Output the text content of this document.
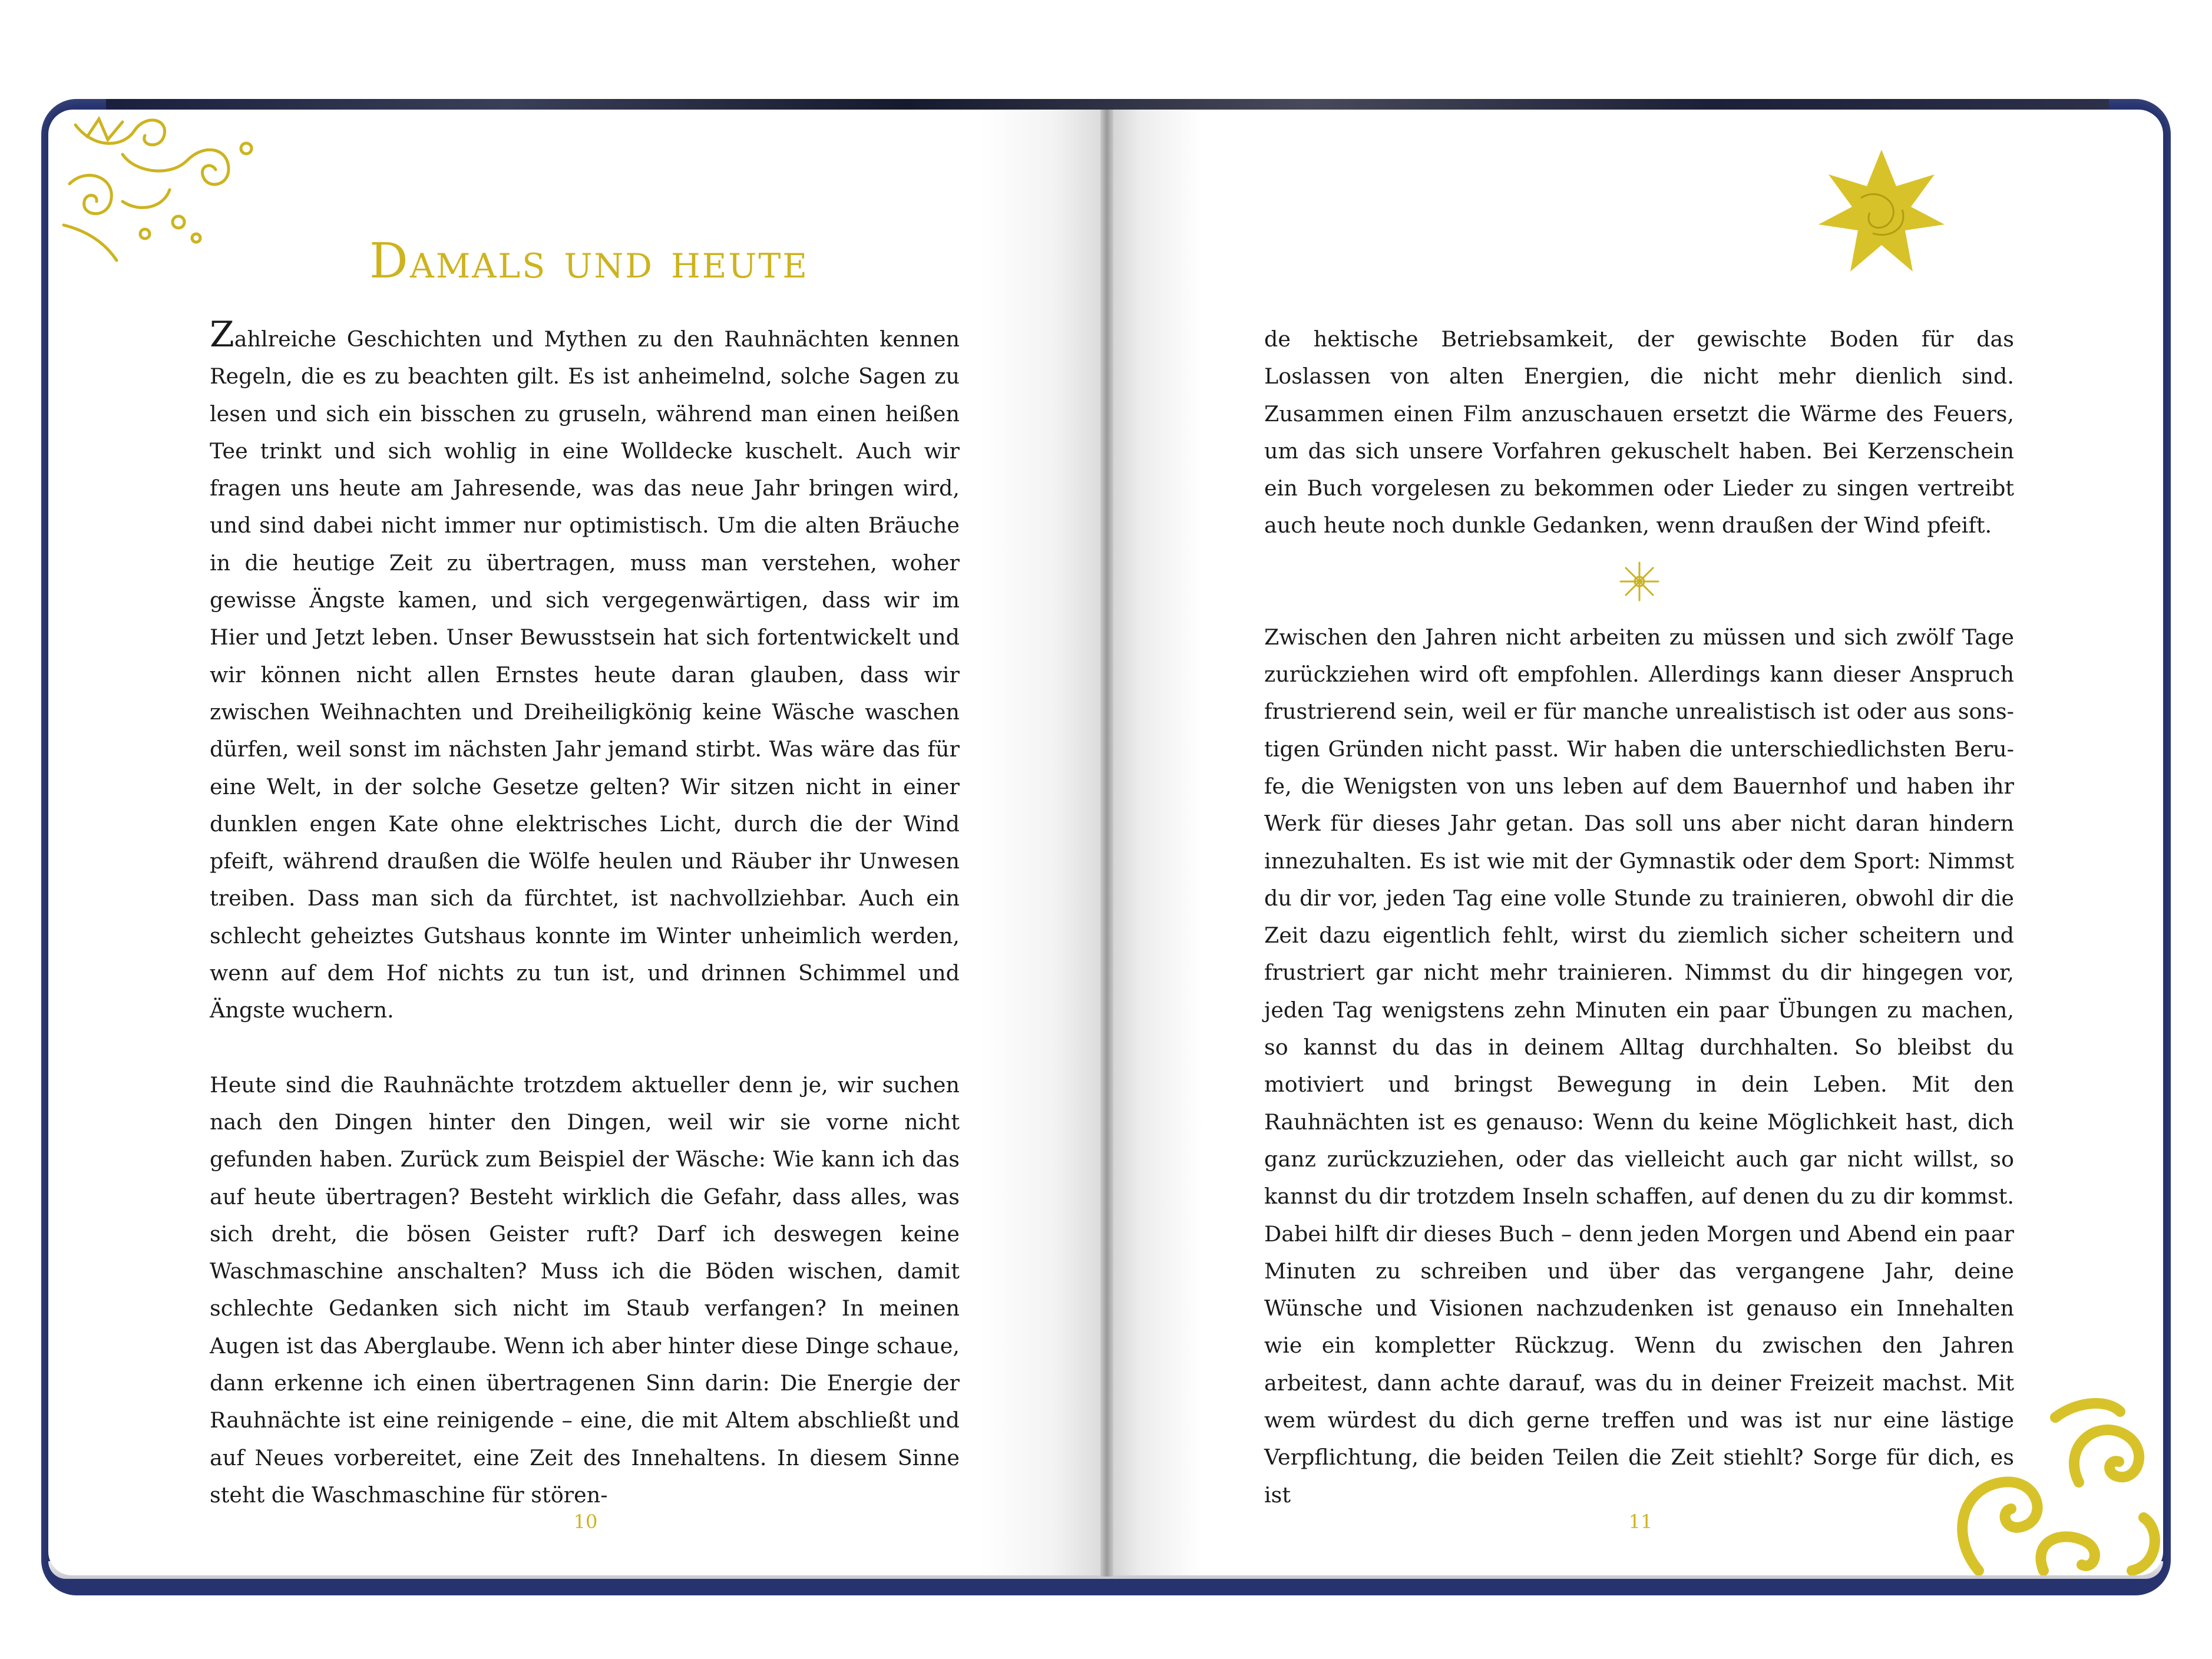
Damals und heute

Zahlreiche Geschichten und Mythen zu den Rauhnächten kennen Regeln, die es zu beachten gilt. Es ist anheimelnd, solche Sagen zu lesen und sich ein bisschen zu gruseln, während man einen heißen Tee trinkt und sich wohlig in eine Wolldecke kuschelt. Auch wir fragen uns heute am Jahresende, was das neue Jahr bringen wird, und sind dabei nicht immer nur optimistisch. Um die alten Bräuche in die heutige Zeit zu übertragen, muss man verstehen, woher gewisse Ängste kamen, und sich vergegenwärtigen, dass wir im Hier und Jetzt leben. Unser Bewusstsein hat sich fortentwickelt und wir können nicht allen Ernstes heute daran glauben, dass wir zwischen Weihnachten und Dreiheiligkönig keine Wäsche waschen dürfen, weil sonst im nächsten Jahr jemand stirbt. Was wäre das für eine Welt, in der solche Gesetze gelten? Wir sitzen nicht in einer dunklen engen Kate ohne elektrisches Licht, durch die der Wind pfeift, während draußen die Wölfe heulen und Räuber ihr Unwesen treiben. Dass man sich da fürchtet, ist nachvollziehbar. Auch ein schlecht geheiztes Gutshaus konnte im Winter unheimlich werden, wenn auf dem Hof nichts zu tun ist, und drinnen Schimmel und Ängste wuchern.

Heute sind die Rauhnächte trotzdem aktueller denn je, wir suchen nach den Dingen hinter den Dingen, weil wir sie vorne nicht gefunden haben. Zurück zum Beispiel der Wäsche: Wie kann ich das auf heute übertragen? Besteht wirklich die Gefahr, dass alles, was sich dreht, die bösen Geister ruft? Darf ich deswegen keine Waschmaschine anschalten? Muss ich die Böden wischen, damit schlechte Gedanken sich nicht im Staub verfangen? In meinen Augen ist das Aberglaube. Wenn ich aber hinter diese Dinge schaue, dann erkenne ich einen übertragenen Sinn darin: Die Energie der Rauhnächte ist eine reinigende – eine, die mit Altem abschließt und auf Neues vorbereitet, eine Zeit des Innehaltens. In diesem Sinne steht die Waschmaschine für stören-

10

de hektische Betriebsamkeit, der gewischte Boden für das Loslassen von alten Energien, die nicht mehr dienlich sind. Zusammen einen Film anzuschauen ersetzt die Wärme des Feuers, um das sich unsere Vorfahren gekuschelt haben. Bei Kerzenschein ein Buch vorgelesen zu bekommen oder Lieder zu singen vertreibt auch heute noch dunkle Gedanken, wenn draußen der Wind pfeift.

Zwischen den Jahren nicht arbeiten zu müssen und sich zwölf Tage zurückziehen wird oft empfohlen. Allerdings kann dieser Anspruch frustrierend sein, weil er für manche unrealistisch ist oder aus sonstigen Gründen nicht passt. Wir haben die unterschiedlichsten Berufe, die Wenigsten von uns leben auf dem Bauernhof und haben ihr Werk für dieses Jahr getan. Das soll uns aber nicht daran hindern innezuhalten. Es ist wie mit der Gymnastik oder dem Sport: Nimmst du dir vor, jeden Tag eine volle Stunde zu trainieren, obwohl dir die Zeit dazu eigentlich fehlt, wirst du ziemlich sicher scheitern und frustriert gar nicht mehr trainieren. Nimmst du dir hingegen vor, jeden Tag wenigstens zehn Minuten ein paar Übungen zu machen, so kannst du das in deinem Alltag durchhalten. So bleibst du motiviert und bringst Bewegung in dein Leben. Mit den Rauhnächten ist es genauso: Wenn du keine Möglichkeit hast, dich ganz zurückzuziehen, oder das vielleicht auch gar nicht willst, so kannst du dir trotzdem Inseln schaffen, auf denen du zu dir kommst. Dabei hilft dir dieses Buch – denn jeden Morgen und Abend ein paar Minuten zu schreiben und über das vergangene Jahr, deine Wünsche und Visionen nachzudenken ist genauso ein Innehalten wie ein kompletter Rückzug. Wenn du zwischen den Jahren arbeitest, dann achte darauf, was du in deiner Freizeit machst. Mit wem würdest du dich gerne treffen und was ist nur eine lästige Verpflichtung, die beiden Teilen die Zeit stiehlt? Sorge für dich, es ist

11
